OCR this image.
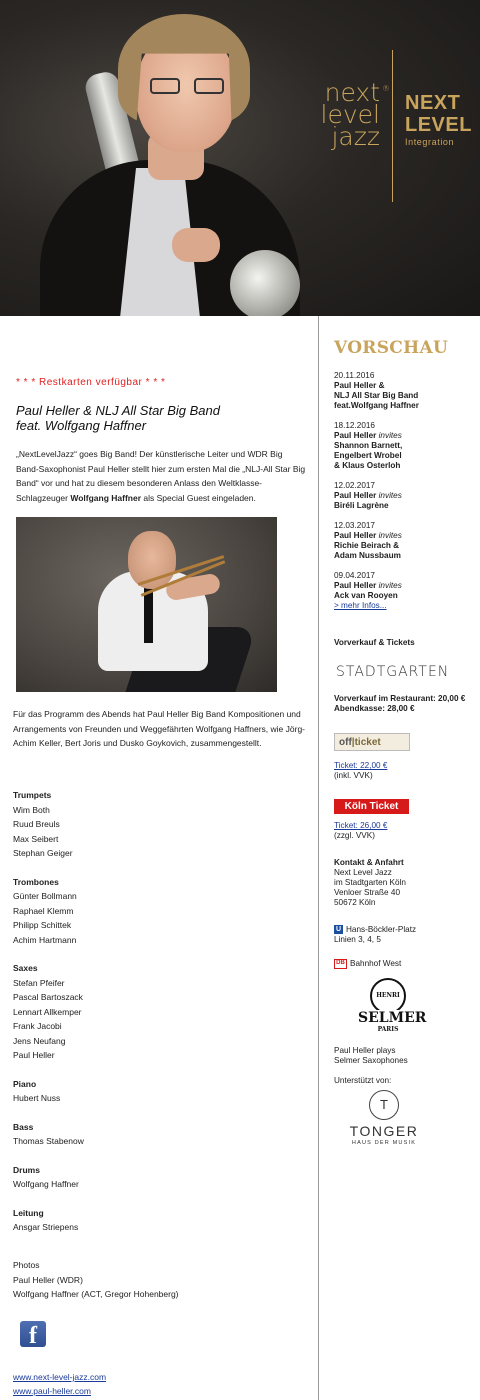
next level jazz
®
NEXT LEVEL
Integration
* * * Restkarten verfügbar * * *
Paul Heller & NLJ All Star Big Band
feat. Wolfgang Haffner
„NextLevelJazz“ goes Big Band! Der künstlerische Leiter und WDR Big Band-Saxophonist Paul Heller stellt hier zum ersten Mal die „NLJ-All Star Big Band“ vor und hat zu diesem besonderen Anlass den Weltklasse-Schlagzeuger Wolfgang Haffner als Special Guest eingeladen.
Für das Programm des Abends hat Paul Heller Big Band Kompositionen und Arrangements von Freunden und Weggefährten Wolfgang Haffners, wie Jörg-Achim Keller, Bert Joris und Dusko Goykovich, zusammengestellt.
Trumpets
Wim Both
Ruud Breuls
Max Seibert
Stephan Geiger
Trombones
Günter Bollmann
Raphael Klemm
Philipp Schittek
Achim Hartmann
Saxes
Stefan Pfeifer
Pascal Bartoszack
Lennart Allkemper
Frank Jacobi
Jens Neufang
Paul Heller
Piano
Hubert Nuss
Bass
Thomas Stabenow
Drums
Wolfgang Haffner
Leitung
Ansgar Striepens
Photos
Paul Heller (WDR)
Wolfgang Haffner (ACT, Gregor Hohenberg)
f
www.next-level-jazz.com
www.paul-heller.com
VORSCHAU
20.11.2016
Paul Heller &
NLJ All Star Big Band
feat.Wolfgang Haffner
18.12.2016
Paul Heller invites
Shannon Barnett,
Engelbert Wrobel
& Klaus Osterloh
12.02.2017
Paul Heller invites
Biréli Lagrène
12.03.2017
Paul Heller invites
Richie Beirach &
Adam Nussbaum
09.04.2017
Paul Heller invites
Ack van Rooyen
> mehr Infos...
Vorverkauf & Tickets
STADTGARTEN
Vorverkauf im Restaurant: 20,00 €
Abendkasse: 28,00 €
off|ticket
Ticket: 22,00 €
(inkl. VVK)
Köln Ticket
Ticket: 26,00 €
(zzgl. VVK)
Kontakt & Anfahrt
Next Level Jazz
im Stadtgarten Köln
Venloer Straße 40
50672 Köln
U Hans-Böckler-Platz
Linien 3, 4, 5
DB Bahnhof West
HENRI
SELMER
PARIS
Paul Heller plays
Selmer Saxophones
Unterstützt von:
T
TONGER
HAUS DER MUSIK
